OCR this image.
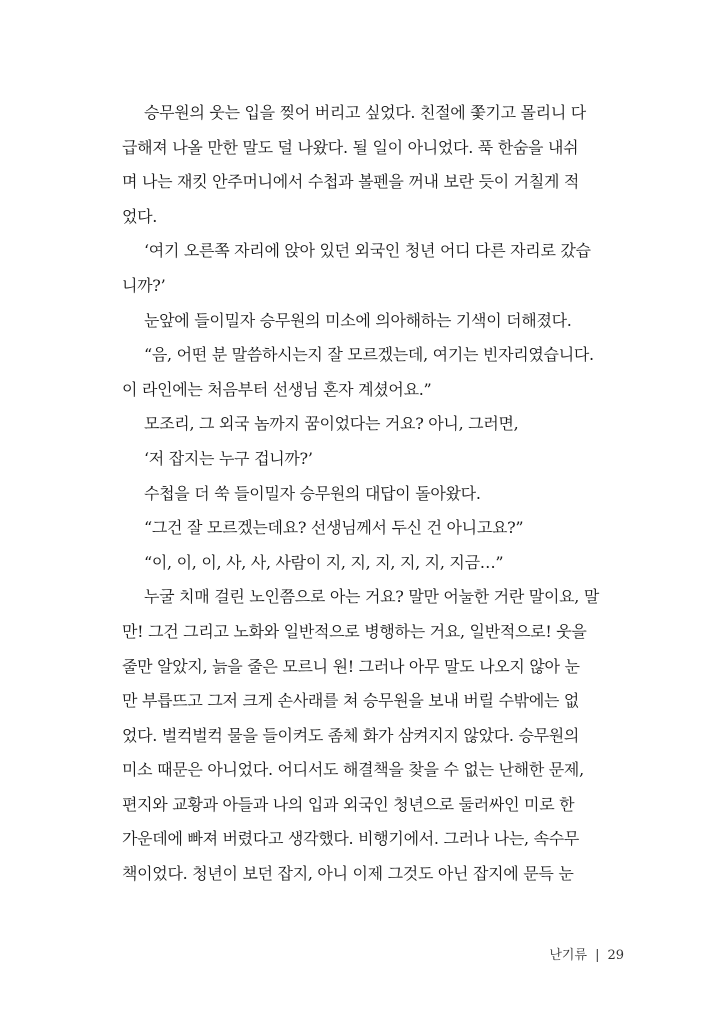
승무원의 웃는 입을 찢어 버리고 싶었다. 친절에 쫓기고 몰리니 다
급해져 나올 만한 말도 덜 나왔다. 될 일이 아니었다. 푹 한숨을 내쉬
며 나는 재킷 안주머니에서 수첩과 볼펜을 꺼내 보란 듯이 거칠게 적
었다.
‘여기 오른쪽 자리에 앉아 있던 외국인 청년 어디 다른 자리로 갔습
니까?’
눈앞에 들이밀자 승무원의 미소에 의아해하는 기색이 더해졌다.
“음, 어떤 분 말씀하시는지 잘 모르겠는데, 여기는 빈자리였습니다.
이 라인에는 처음부터 선생님 혼자 계셨어요.”
모조리, 그 외국 놈까지 꿈이었다는 거요? 아니, 그러면,
‘저 잡지는 누구 겁니까?’
수첩을 더 쑥 들이밀자 승무원의 대답이 돌아왔다.
“그건 잘 모르겠는데요? 선생님께서 두신 건 아니고요?”
“이, 이, 이, 사, 사, 사람이 지, 지, 지, 지, 지, 지금…”
누굴 치매 걸린 노인쯤으로 아는 거요? 말만 어눌한 거란 말이요, 말
만! 그건 그리고 노화와 일반적으로 병행하는 거요, 일반적으로! 웃을
줄만 알았지, 늙을 줄은 모르니 원! 그러나 아무 말도 나오지 않아 눈
만 부릅뜨고 그저 크게 손사래를 쳐 승무원을 보내 버릴 수밖에는 없
었다. 벌컥벌컥 물을 들이켜도 좀체 화가 삼켜지지 않았다. 승무원의
미소 때문은 아니었다. 어디서도 해결책을 찾을 수 없는 난해한 문제,
편지와 교황과 아들과 나의 입과 외국인 청년으로 둘러싸인 미로 한
가운데에 빠져 버렸다고 생각했다. 비행기에서. 그러나 나는, 속수무
책이었다. 청년이 보던 잡지, 아니 이제 그것도 아닌 잡지에 문득 눈
난기류 | 29
